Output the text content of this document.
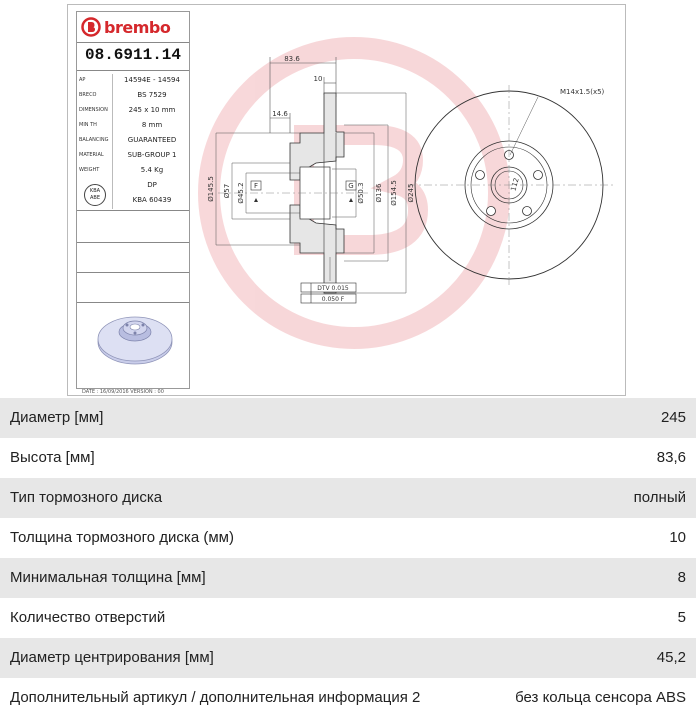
83.6
10
14.6
F	G
M14x1.5(x5)
112
DTV 0.015
0.050 F
Ø145.5 Ø57 Ø45.2	Ø50.3 Ø136 Ø154.5 Ø245
brembo
08.6911.14
AP	14594E - 14594
BRECO	BS 7529
DIMENSION	245 x 10 mm
MIN TH	8 mm
BALANCING	GUARANTEED
MATERIAL	SUB-GROUP 1
WEIGHT	5.4 Kg
DP
KBA 60439
KBA
ABE
DATE : 16/09/2016 VERSION : 00
Диаметр [мм]	245
Высота [мм]	83,6
Тип тормозного диска	полный
Толщина тормозного диска (мм)	10
Минимальная толщина [мм]	8
Количество отверстий	5
Диаметр центрирования [мм]	45,2
Дополнительный артикул / дополнительная информация 2	без кольца сенсора ABS
